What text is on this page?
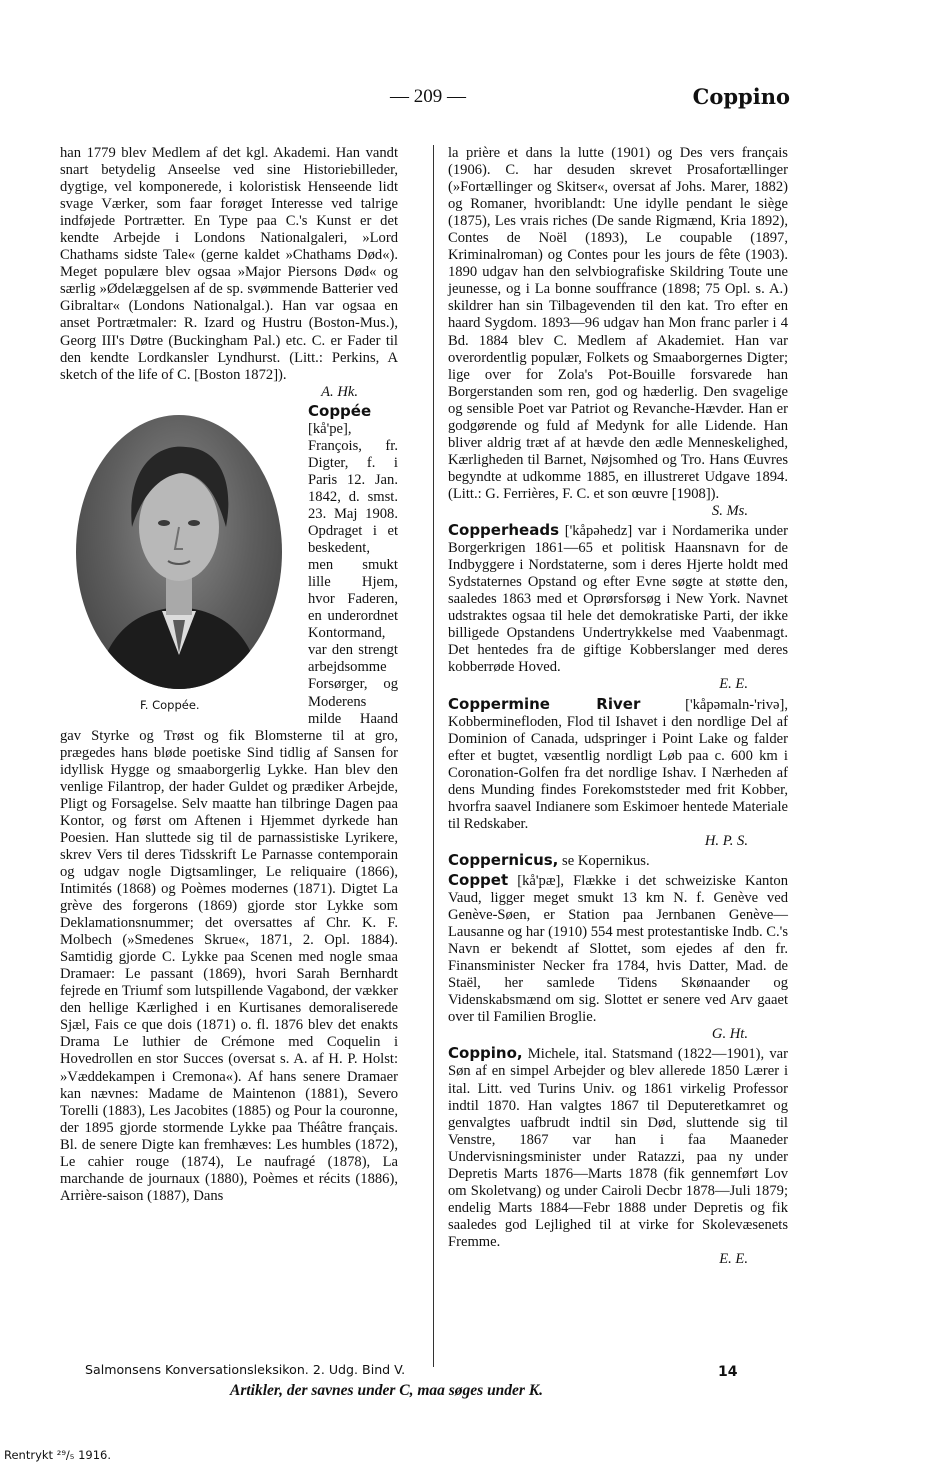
— 209 —	Coppino

han 1779 blev Medlem af det kgl. Akademi. Han vandt snart betydelig Anseelse ved sine Historiebilleder, dygtige, vel komponerede, i koloristisk Henseende lidt svage Værker, som faar forøget Interesse ved talrige indføjede Portrætter. En Type paa C.'s Kunst er det kendte Arbejde i Londons Nationalgaleri, »Lord Chathams sidste Tale« (gerne kaldet »Chathams Død«). Meget populære blev ogsaa »Major Piersons Død« og særlig »Ødelæggelsen af de sp. svømmende Batterier ved Gibraltar« (Londons Nationalgal.). Han var ogsaa en anset Portrætmaler: R. Izard og Hustru (Boston-Mus.), Georg III's Døtre (Buckingham Pal.) etc. C. er Fader til den kendte Lordkansler Lyndhurst. (Litt.: Perkins, A sketch of the life of C. [Boston 1872]).
A. Hk.

F. Coppée.
Coppée [kå'pe], François, fr. Digter, f. i Paris 12. Jan. 1842, d. smst. 23. Maj 1908. Opdraget i et beskedent, men smukt lille Hjem, hvor Faderen, en underordnet Kontormand, var den strengt arbejdsomme Forsørger, og Moderens milde Haand gav Styrke og Trøst og fik Blomsterne til at gro, prægedes hans bløde poetiske Sind tidlig af Sansen for idyllisk Hygge og smaaborgerlig Lykke. Han blev den venlige Filantrop, der hader Guldet og prædiker Arbejde, Pligt og Forsagelse. Selv maatte han tilbringe Dagen paa Kontor, og først om Aftenen i Hjemmet dyrkede han Poesien. Han sluttede sig til de parnassistiske Lyrikere, skrev Vers til deres Tidsskrift Le Parnasse contemporain og udgav nogle Digtsamlinger, Le reliquaire (1866), Intimités (1868) og Poèmes modernes (1871). Digtet La grève des forgerons (1869) gjorde stor Lykke som Deklamationsnummer; det oversattes af Chr. K. F. Molbech (»Smedenes Skrue«, 1871, 2. Opl. 1884). Samtidig gjorde C. Lykke paa Scenen med nogle smaa Dramaer: Le passant (1869), hvori Sarah Bernhardt fejrede en Triumf som lutspillende Vagabond, der vækker den hellige Kærlighed i en Kurtisanes demoraliserede Sjæl, Fais ce que dois (1871) o. fl. 1876 blev det enakts Drama Le luthier de Crémone med Coquelin i Hovedrollen en stor Succes (oversat s. A. af H. P. Holst: »Væddekampen i Cremona«). Af hans senere Dramaer kan nævnes: Madame de Maintenon (1881), Severo Torelli (1883), Les Jacobites (1885) og Pour la couronne, der 1895 gjorde stormende Lykke paa Théâtre français. Bl. de senere Digte kan fremhæves: Les humbles (1872), Le cahier rouge (1874), Le naufragé (1878), La marchande de journaux (1880), Poèmes et récits (1886), Arrière-saison (1887), Dans

la prière et dans la lutte (1901) og Des vers français (1906). C. har desuden skrevet Prosafortællinger (»Fortællinger og Skitser«, oversat af Johs. Marer, 1882) og Romaner, hvoriblandt: Une idylle pendant le siège (1875), Les vrais riches (De sande Rigmænd, Kria 1892), Contes de Noël (1893), Le coupable (1897, Kriminalroman) og Contes pour les jours de fête (1903). 1890 udgav han den selvbiografiske Skildring Toute une jeunesse, og i La bonne souffrance (1898; 75 Opl. s. A.) skildrer han sin Tilbagevenden til den kat. Tro efter en haard Sygdom. 1893—96 udgav han Mon franc parler i 4 Bd. 1884 blev C. Medlem af Akademiet. Han var overordentlig populær, Folkets og Smaaborgernes Digter; lige over for Zola's Pot-Bouille forsvarede han Borgerstanden som ren, god og hæderlig. Den svagelige og sensible Poet var Patriot og Revanche-Hævder. Han er godgørende og fuld af Medynk for alle Lidende. Han bliver aldrig træt af at hævde den ædle Menneskelighed, Kærligheden til Barnet, Nøjsomhed og Tro. Hans Œuvres begyndte at udkomme 1885, en illustreret Udgave 1894. (Litt.: G. Ferrières, F. C. et son œuvre [1908]).
S. Ms.

Copperheads ['kåpəhedz] var i Nordamerika under Borgerkrigen 1861—65 et politisk Haansnavn for de Indbyggere i Nordstaterne, som i deres Hjerte holdt med Sydstaternes Opstand og efter Evne søgte at støtte den, saaledes 1863 med et Oprørsforsøg i New York. Navnet udstraktes ogsaa til hele det demokratiske Parti, der ikke billigede Opstandens Undertrykkelse med Vaabenmagt. Det hentedes fra de giftige Kobberslanger med deres kobberrøde Hoved.
E. E.

Coppermine River	['kåpəmaln-'rivə], Kobberminefloden, Flod til Ishavet i den nordlige Del af Dominion of Canada, udspringer i Point Lake og falder efter et bugtet, væsentlig nordligt Løb paa c. 600 km i Coronation-Golfen fra det nordlige Ishav. I Nærheden af dens Munding findes Forekomststeder med frit Kobber, hvorfra saavel Indianere som Eskimoer hentede Materiale til Redskaber.
H. P. S.

Coppernicus, se Kopernikus.

Coppet [kå'pæ], Flække i det schweiziske Kanton Vaud, ligger meget smukt 13 km N. f. Genève ved Genève-Søen, er Station paa Jernbanen Genève—Lausanne og har (1910) 554 mest protestantiske Indb. C.'s Navn er bekendt af Slottet, som ejedes af den fr. Finansminister Necker fra 1784, hvis Datter, Mad. de Staël, her samlede Tidens Skønaander og Videnskabsmænd om sig. Slottet er senere ved Arv gaaet over til Familien Broglie.
G. Ht.

Coppino, Michele, ital. Statsmand (1822—1901), var Søn af en simpel Arbejder og blev allerede 1850 Lærer i ital. Litt. ved Turins Univ. og 1861 virkelig Professor indtil 1870. Han valgtes 1867 til Deputeretkamret og genvalgtes uafbrudt indtil sin Død, sluttende sig til Venstre, 1867 var han i faa Maaneder Undervisningsminister under Ratazzi, paa ny under Depretis Marts 1876—Marts 1878 (fik gennemført Lov om Skoletvang) og under Cairoli Decbr 1878—Juli 1879; endelig Marts 1884—Febr 1888 under Depretis og fik saaledes god Lejlighed til at virke for Skolevæsenets Fremme.
E. E.

Salmonsens Konversationsleksikon. 2. Udg. Bind V.	14
Artikler, der savnes under C, maa søges under K.
Rentrykt ²⁹/₅ 1916.
